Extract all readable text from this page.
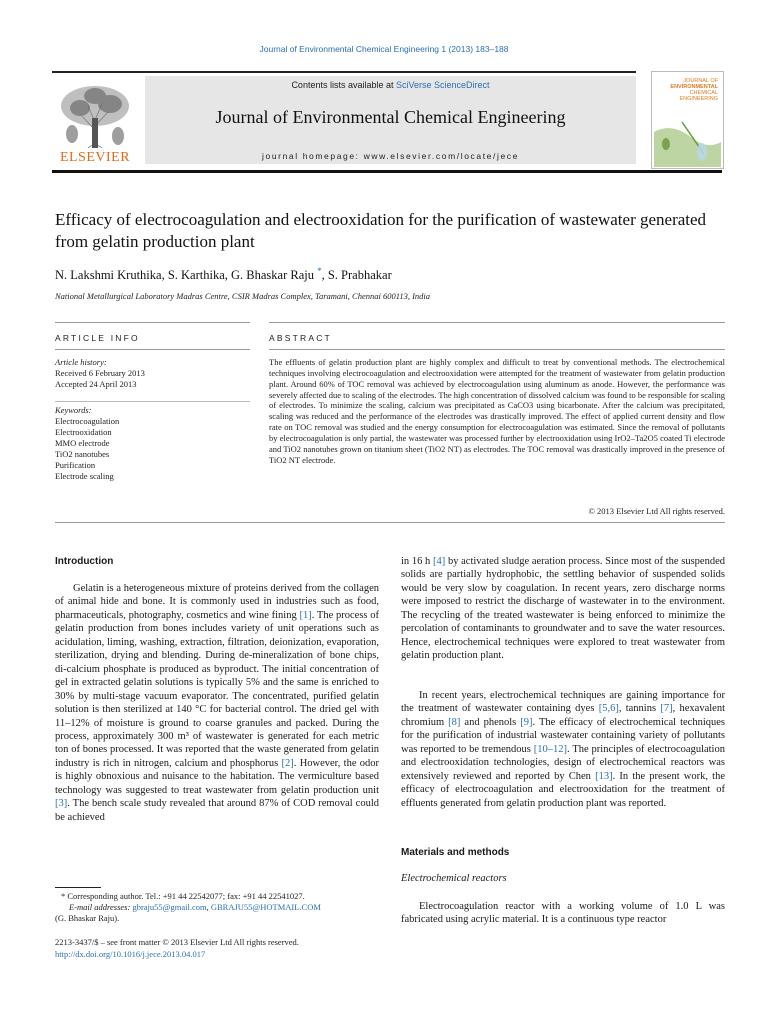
Journal of Environmental Chemical Engineering 1 (2013) 183–188
ELSEVIER
Contents lists available at SciVerse ScienceDirect
Journal of Environmental Chemical Engineering
journal homepage: www.elsevier.com/locate/jece
JOURNAL OF
ENVIRONMENTAL
CHEMICAL
ENGINEERING
Efficacy of electrocoagulation and electrooxidation for the purification of wastewater generated from gelatin production plant
N. Lakshmi Kruthika, S. Karthika, G. Bhaskar Raju *, S. Prabhakar
National Metallurgical Laboratory Madras Centre, CSIR Madras Complex, Taramani, Chennai 600113, India
ARTICLE INFO	ABSTRACT
Article history:
Received 6 February 2013
Accepted 24 April 2013
Keywords:
Electrocoagulation
Electrooxidation
MMO electrode
TiO2 nanotubes
Purification
Electrode scaling
The effluents of gelatin production plant are highly complex and difficult to treat by conventional methods. The electrochemical techniques involving electrocoagulation and electrooxidation were attempted for the treatment of wastewater from gelatin production plant. Around 60% of TOC removal was achieved by electrocoagulation using aluminum as anode. However, the performance was severely affected due to scaling of the electrodes. The high concentration of dissolved calcium was found to be responsible for scaling of electrodes. To minimize the scaling, calcium was precipitated as CaCO3 using bicarbonate. After the calcium was precipitated, scaling was reduced and the performance of the electrodes was drastically improved. The effect of applied current density and flow rate on TOC removal was studied and the energy consumption for electrocoagulation was estimated. Since the removal of pollutants by electrocoagulation is only partial, the wastewater was processed further by electrooxidation using IrO2–Ta2O5 coated Ti electrode and TiO2 nanotubes grown on titanium sheet (TiO2 NT) as electrodes. The TOC removal was drastically improved in the presence of TiO2 NT electrode.
© 2013 Elsevier Ltd All rights reserved.
Introduction
Gelatin is a heterogeneous mixture of proteins derived from the collagen of animal hide and bone. It is commonly used in industries such as food, pharmaceuticals, photography, cosmetics and wine fining [1]. The process of gelatin production from bones includes variety of unit operations such as acidulation, liming, washing, extraction, filtration, deionization, evaporation, sterilization, drying and blending. During de-mineralization of bone chips, di-calcium phosphate is produced as byproduct. The initial concentration of gel in extracted gelatin solutions is typically 5% and the same is enriched to 30% by multi-stage vacuum evaporator. The concentrated, purified gelatin solution is then sterilized at 140 °C for bacterial control. The dried gel with 11–12% of moisture is ground to coarse granules and packed. During the process, approximately 300 m³ of wastewater is generated for each metric ton of bones processed. It was reported that the waste generated from gelatin industry is rich in nitrogen, calcium and phosphorus [2]. However, the odor is highly obnoxious and nuisance to the habitation. The vermiculture based technology was suggested to treat wastewater from gelatin production unit [3]. The bench scale study revealed that around 87% of COD removal could be achieved
in 16 h [4] by activated sludge aeration process. Since most of the suspended solids are partially hydrophobic, the settling behavior of suspended solids would be very slow by coagulation. In recent years, zero discharge norms were imposed to restrict the discharge of wastewater in to the environment. The recycling of the treated wastewater is being enforced to minimize the percolation of contaminants to groundwater and to save the water resources. Hence, electrochemical techniques were explored to treat wastewater from gelatin production plant.
In recent years, electrochemical techniques are gaining importance for the treatment of wastewater containing dyes [5,6], tannins [7], hexavalent chromium [8] and phenols [9]. The efficacy of electrochemical techniques for the purification of industrial wastewater containing variety of pollutants was reported to be tremendous [10–12]. The principles of electrocoagulation and electrooxidation technologies, design of electrochemical reactors was extensively reviewed and reported by Chen [13]. In the present work, the efficacy of electrocoagulation and electrooxidation for the treatment of effluents generated from gelatin production plant was reported.
Materials and methods
Electrochemical reactors
Electrocoagulation reactor with a working volume of 1.0 L was fabricated using acrylic material. It is a continuous type reactor
* Corresponding author. Tel.: +91 44 22542077; fax: +91 44 22541027.
E-mail addresses: gbraju55@gmail.com, GBRAJU55@HOTMAIL.COM
(G. Bhaskar Raju).
2213-3437/$ – see front matter © 2013 Elsevier Ltd All rights reserved.
http://dx.doi.org/10.1016/j.jece.2013.04.017
